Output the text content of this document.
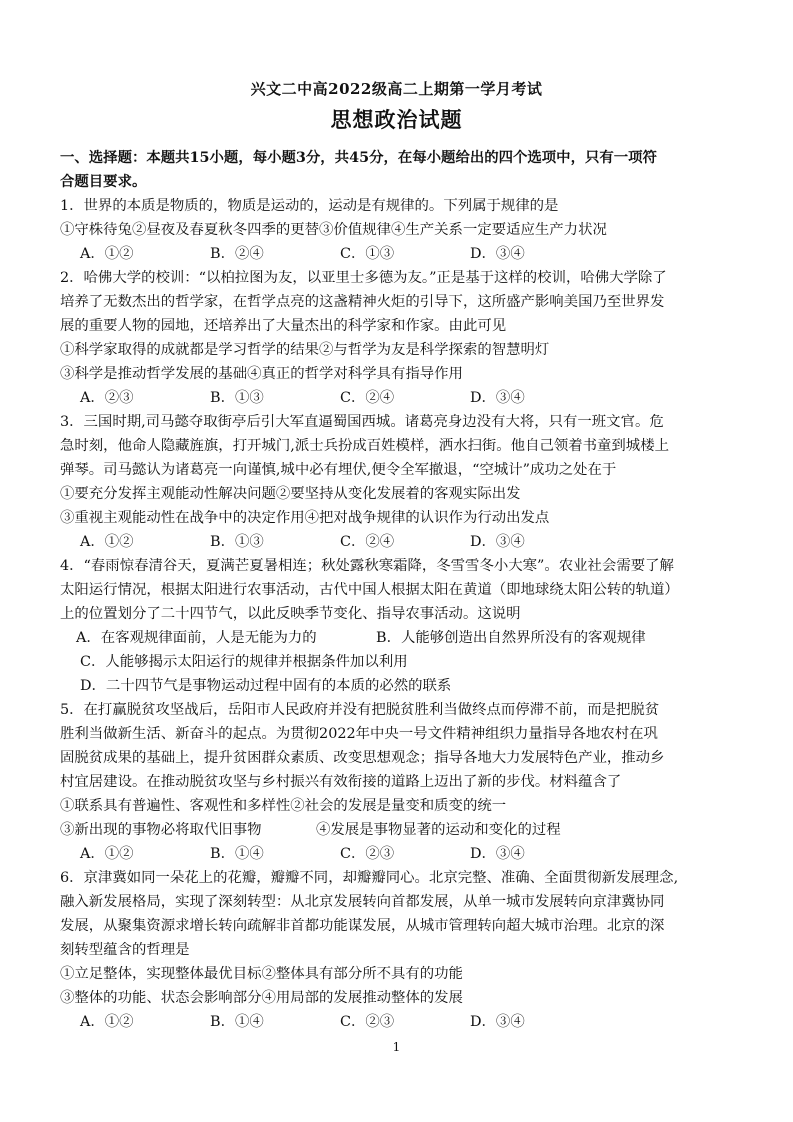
兴文二中高2022级高二上期第一学月考试
思想政治试题
一、选择题：本题共15小题，每小题3分，共45分，在每小题给出的四个选项中，只有一项符
合题目要求。
1．世界的本质是物质的，物质是运动的，运动是有规律的。下列属于规律的是
①守株待兔②昼夜及春夏秋冬四季的更替③价值规律④生产关系一定要适应生产力状况
A．①②	B．②④	C．①③	D．③④
2．哈佛大学的校训：“以柏拉图为友，以亚里士多德为友。”正是基于这样的校训，哈佛大学除了
培养了无数杰出的哲学家，在哲学点亮的这盏精神火炬的引导下，这所盛产影响美国乃至世界发
展的重要人物的园地，还培养出了大量杰出的科学家和作家。由此可见
①科学家取得的成就都是学习哲学的结果②与哲学为友是科学探索的智慧明灯
③科学是推动哲学发展的基础④真正的哲学对科学具有指导作用
A．②③	B．①③	C．②④	D．③④
3．三国时期,司马懿夺取街亭后引大军直逼蜀国西城。诸葛亮身边没有大将，只有一班文官。危
急时刻，他命人隐藏旌旗，打开城门,派士兵扮成百姓模样，洒水扫街。他自己领着书童到城楼上
弹琴。司马懿认为诸葛亮一向谨慎,城中必有埋伏,便令全军撤退，“空城计”成功之处在于
①要充分发挥主观能动性解决问题②要坚持从变化发展着的客观实际出发
③重视主观能动性在战争中的决定作用④把对战争规律的认识作为行动出发点
A．①②	B．①③	C．②④	D．③④
4．“春雨惊春清谷天，夏满芒夏暑相连；秋处露秋寒霜降，冬雪雪冬小大寒”。农业社会需要了解
太阳运行情况，根据太阳进行农事活动，古代中国人根据太阳在黄道（即地球绕太阳公转的轨道）
上的位置划分了二十四节气，以此反映季节变化、指导农事活动。这说明
A．在客观规律面前，人是无能为力的	B．人能够创造出自然界所没有的客观规律
C．人能够揭示太阳运行的规律并根据条件加以利用
D．二十四节气是事物运动过程中固有的本质的必然的联系
5．在打赢脱贫攻坚战后，岳阳市人民政府并没有把脱贫胜利当做终点而停滞不前，而是把脱贫
胜利当做新生活、新奋斗的起点。为贯彻2022年中央一号文件精神组织力量指导各地农村在巩
固脱贫成果的基础上，提升贫困群众素质、改变思想观念；指导各地大力发展特色产业，推动乡
村宜居建设。在推动脱贫攻坚与乡村振兴有效衔接的道路上迈出了新的步伐。材料蕴含了
①联系具有普遍性、客观性和多样性②社会的发展是量变和质变的统一
③新出现的事物必将取代旧事物	④发展是事物显著的运动和变化的过程
A．①②	B．①④	C．②③	D．③④
6．京津冀如同一朵花上的花瓣，瓣瓣不同，却瓣瓣同心。北京完整、准确、全面贯彻新发展理念,
融入新发展格局，实现了深刻转型：从北京发展转向首都发展，从单一城市发展转向京津冀协同
发展，从聚集资源求增长转向疏解非首都功能谋发展，从城市管理转向超大城市治理。北京的深
刻转型蕴含的哲理是
①立足整体，实现整体最优目标②整体具有部分所不具有的功能
③整体的功能、状态会影响部分④用局部的发展推动整体的发展
A．①②	B．①④	C．②③	D．③④
1
